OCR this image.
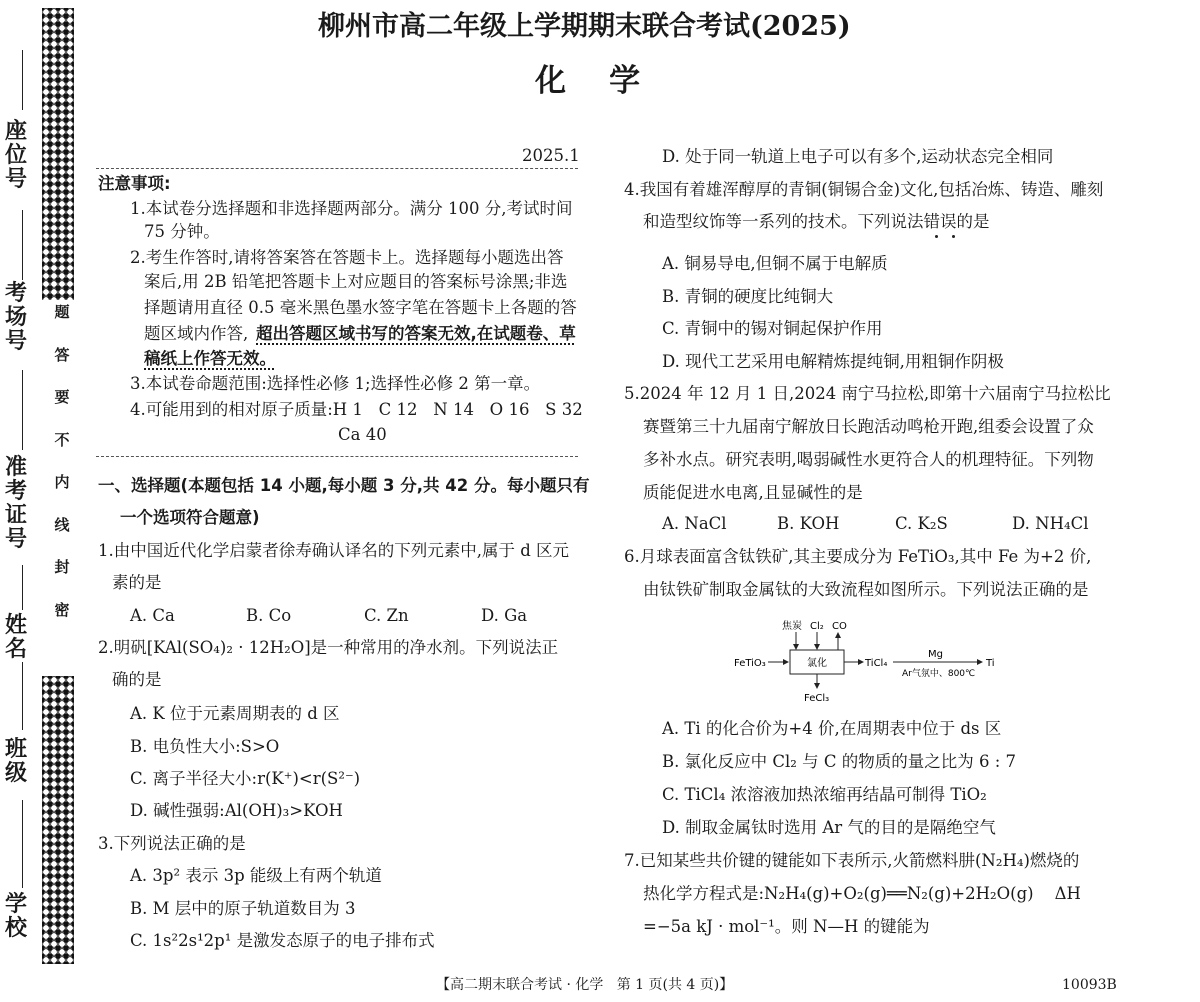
座
位
号
考
场
号
准
考
证
号
姓
名
班
级
学
校
密
封
线
内
不
要
答
题
柳州市高二年级上学期期末联合考试(2025)
化    学
2025.1
注意事项:
1.本试卷分选择题和非选择题两部分。满分 100 分,考试时间
75 分钟。
2.考生作答时,请将答案答在答题卡上。选择题每小题选出答
案后,用 2B 铅笔把答题卡上对应题目的答案标号涂黑;非选
择题请用直径 0.5 毫米黑色墨水签字笔在答题卡上各题的答
题区域内作答, 超出答题区域书写的答案无效,在试题卷、草
稿纸上作答无效。
3.本试卷命题范围:选择性必修 1;选择性必修 2 第一章。
4.可能用到的相对原子质量:H 1   C 12   N 14   O 16   S 32
Ca 40
一、选择题(本题包括 14 小题,每小题 3 分,共 42 分。每小题只有
一个选项符合题意)
1.由中国近代化学启蒙者徐寿确认译名的下列元素中,属于 d 区元
素的是
A. Ca	B. Co	C. Zn	D. Ga
2.明矾[KAl(SO₄)₂ · 12H₂O]是一种常用的净水剂。下列说法正
确的是
A. K 位于元素周期表的 d 区
B. 电负性大小:S>O
C. 离子半径大小:r(K⁺)<r(S²⁻)
D. 碱性强弱:Al(OH)₃>KOH
3.下列说法正确的是
A. 3p² 表示 3p 能级上有两个轨道
B. M 层中的原子轨道数目为 3
C. 1s²2s¹2p¹ 是激发态原子的电子排布式
D. 处于同一轨道上电子可以有多个,运动状态完全相同
4.我国有着雄浑醇厚的青铜(铜锡合金)文化,包括冶炼、铸造、雕刻
和造型纹饰等一系列的技术。下列说法错误的是
A. 铜易导电,但铜不属于电解质
B. 青铜的硬度比纯铜大
C. 青铜中的锡对铜起保护作用
D. 现代工艺采用电解精炼提纯铜,用粗铜作阴极
5.2024 年 12 月 1 日,2024 南宁马拉松,即第十六届南宁马拉松比
赛暨第三十九届南宁解放日长跑活动鸣枪开跑,组委会设置了众
多补水点。研究表明,喝弱碱性水更符合人的机理特征。下列物
质能促进水电离,且显碱性的是
A. NaCl	B. KOH	C. K₂S	D. NH₄Cl
6.月球表面富含钛铁矿,其主要成分为 FeTiO₃,其中 Fe 为+2 价,
由钛铁矿制取金属钛的大致流程如图所示。下列说法正确的是
FeTiO₃	氯化
焦炭 Cl₂ CO
FeCl₃
TiCl₄
Mg
Ar气氛中、800℃
Ti
A. Ti 的化合价为+4 价,在周期表中位于 ds 区
B. 氯化反应中 Cl₂ 与 C 的物质的量之比为 6 : 7
C. TiCl₄ 浓溶液加热浓缩再结晶可制得 TiO₂
D. 制取金属钛时选用 Ar 气的目的是隔绝空气
7.已知某些共价键的键能如下表所示,火箭燃料肼(N₂H₄)燃烧的
热化学方程式是:N₂H₄(g)+O₂(g)══N₂(g)+2H₂O(g)    ΔH
=−5a kJ · mol⁻¹。则 N—H 的键能为
【高二期末联合考试 · 化学   第 1 页(共 4 页)】	10093B
